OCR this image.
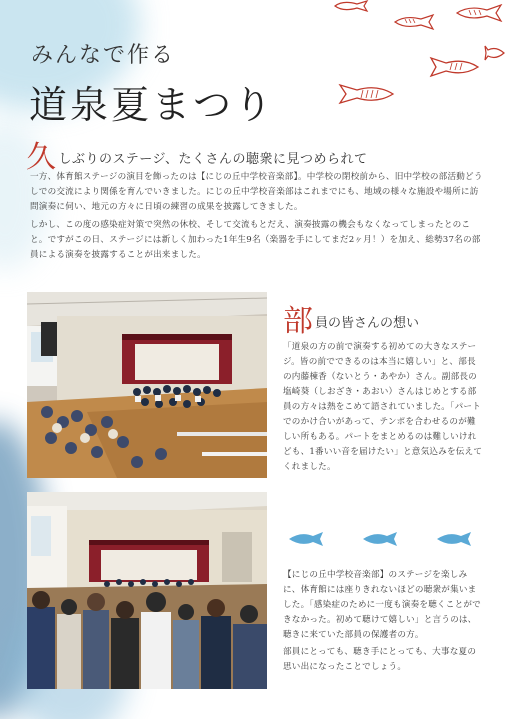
みんなで作る
道泉夏まつり
久しぶりのステージ、たくさんの聴衆に見つめられて

一方、体育館ステージの演目を飾ったのは【にじの丘中学校音楽部】。中学校の閉校前から、旧中学校の部活動どうしでの交流により関係を育んでいきました。にじの丘中学校音楽部はこれまでにも、地域の様々な施設や場所に訪問演奏に伺い、地元の方々に日頃の練習の成果を披露してきました。

しかし、この度の感染症対策で突然の休校、そして交流もとだえ、演奏披露の機会もなくなってしまったとのこと。ですがこの日、ステージには新しく加わった1年生9名（楽器を手にしてまだ2ヶ月！）を加え、総勢37名の部員による演奏を披露することが出来ました。

部員の皆さんの想い

「道泉の方の前で演奏する初めての大きなステージ。皆の前でできるのは本当に嬉しい」と、部長の内藤棟香（ないとう・あやか）さん。副部長の塩崎葵（しおざき・あおい）さんはじめとする部員の方々は熱をこめて語されていました。「パートでのかけ合いがあって、テンポを合わせるのが難しい所もある。パートをまとめるのは難しいけれども、1番いい音を届けたい」と意気込みを伝えてくれました。

【にじの丘中学校音楽部】のステージを楽しみに、体育館には座りきれないほどの聴衆が集いました。「感染症のために一度も演奏を聴くことができなかった。初めて聴けて嬉しい」と言うのは、聴きに来ていた部員の保護者の方。

部員にとっても、聴き手にとっても、大事な夏の思い出になったことでしょう。
